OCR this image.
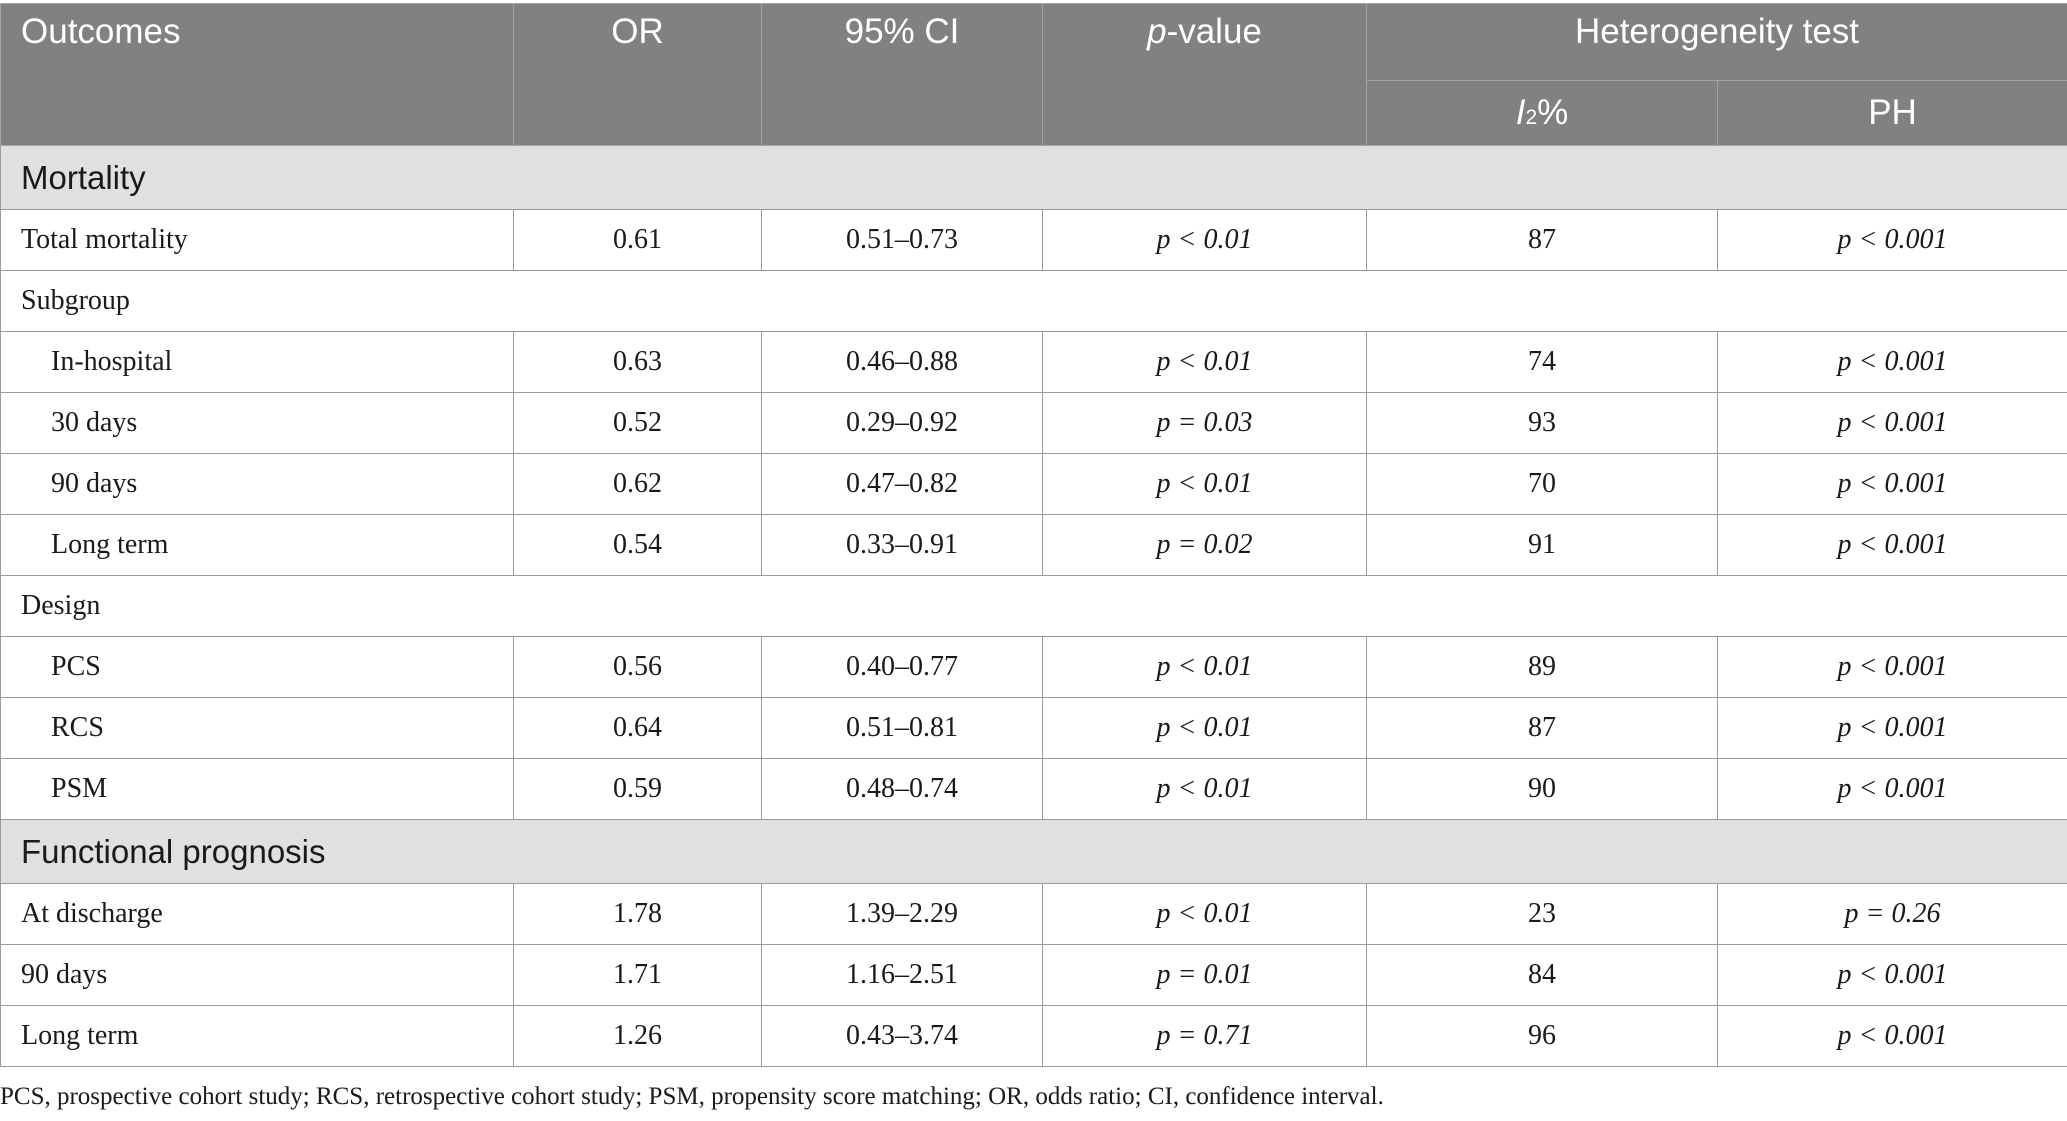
Outcomes	OR	95% CI	p-value	Heterogeneity test	
				$I^2\%$	PH
Mortality					
Total mortality	0.61	0.51–0.73	p < 0.01	87	p < 0.001
Subgroup					
In-hospital	0.63	0.46–0.88	p < 0.01	74	p < 0.001
30 days	0.52	0.29–0.92	p = 0.03	93	p < 0.001
90 days	0.62	0.47–0.82	p < 0.01	70	p < 0.001
Long term	0.54	0.33–0.91	p = 0.02	91	p < 0.001
Design					
PCS	0.56	0.40–0.77	p < 0.01	89	p < 0.001
RCS	0.64	0.51–0.81	p < 0.01	87	p < 0.001
PSM	0.59	0.48–0.74	p < 0.01	90	p < 0.001
Functional prognosis					
At discharge	1.78	1.39–2.29	p < 0.01	23	p = 0.26
90 days	1.71	1.16–2.51	p = 0.01	84	p < 0.001
Long term	1.26	0.43–3.74	p = 0.71	96	p < 0.001
PCS, prospective cohort study; RCS, retrospective cohort study; PSM, propensity score matching; OR, odds ratio; CI, confidence interval.
